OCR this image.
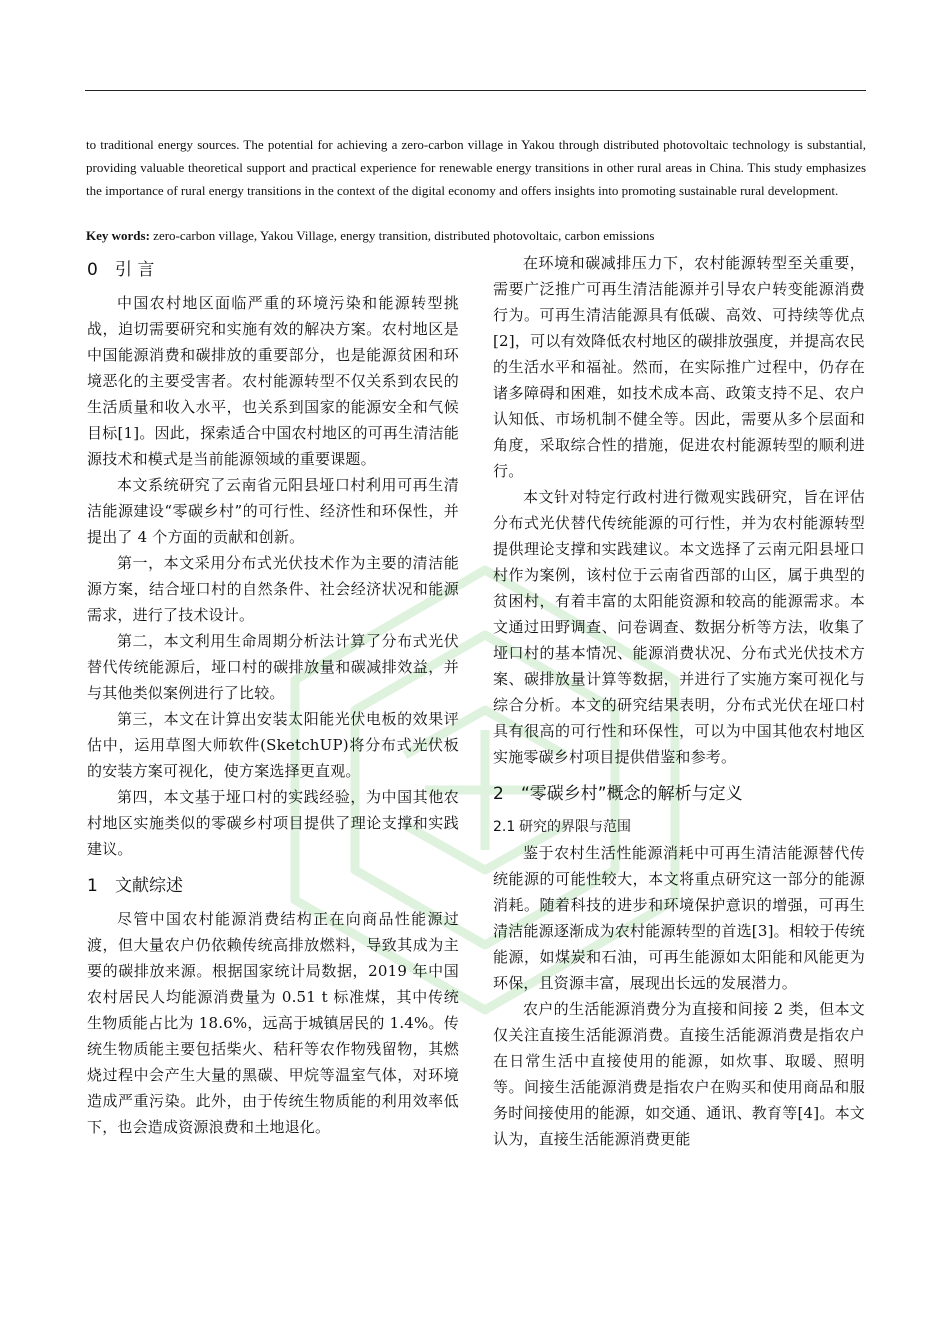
to traditional energy sources. The potential for achieving a zero-carbon village in Yakou through distributed photovoltaic technology is substantial, providing valuable theoretical support and practical experience for renewable energy transitions in other rural areas in China. This study emphasizes the importance of rural energy transitions in the context of the digital economy and offers insights into promoting sustainable rural development.

Key words: zero-carbon village, Yakou Village, energy transition, distributed photovoltaic, carbon emissions

0 引 言

中国农村地区面临严重的环境污染和能源转型挑战，迫切需要研究和实施有效的解决方案。农村地区是中国能源消费和碳排放的重要部分，也是能源贫困和环境恶化的主要受害者。农村能源转型不仅关系到农民的生活质量和收入水平，也关系到国家的能源安全和气候目标[1]。因此，探索适合中国农村地区的可再生清洁能源技术和模式是当前能源领域的重要课题。

本文系统研究了云南省元阳县垭口村利用可再生清洁能源建设“零碳乡村”的可行性、经济性和环保性，并提出了 4 个方面的贡献和创新。

第一，本文采用分布式光伏技术作为主要的清洁能源方案，结合垭口村的自然条件、社会经济状况和能源需求，进行了技术设计。

第二，本文利用生命周期分析法计算了分布式光伏替代传统能源后，垭口村的碳排放量和碳减排效益，并与其他类似案例进行了比较。

第三，本文在计算出安装太阳能光伏电板的效果评估中，运用草图大师软件(SketchUP)将分布式光伏板的安装方案可视化，使方案选择更直观。

第四，本文基于垭口村的实践经验，为中国其他农村地区实施类似的零碳乡村项目提供了理论支撑和实践建议。

1 文献综述

尽管中国农村能源消费结构正在向商品性能源过渡，但大量农户仍依赖传统高排放燃料，导致其成为主要的碳排放来源。根据国家统计局数据，2019 年中国农村居民人均能源消费量为 0.51 t 标准煤，其中传统生物质能占比为 18.6%，远高于城镇居民的 1.4%。传统生物质能主要包括柴火、秸秆等农作物残留物，其燃烧过程中会产生大量的黑碳、甲烷等温室气体，对环境造成严重污染。此外，由于传统生物质能的利用效率低下，也会造成资源浪费和土地退化。

在环境和碳减排压力下，农村能源转型至关重要，需要广泛推广可再生清洁能源并引导农户转变能源消费行为。可再生清洁能源具有低碳、高效、可持续等优点[2]，可以有效降低农村地区的碳排放强度，并提高农民的生活水平和福祉。然而，在实际推广过程中，仍存在诸多障碍和困难，如技术成本高、政策支持不足、农户认知低、市场机制不健全等。因此，需要从多个层面和角度，采取综合性的措施，促进农村能源转型的顺利进行。

本文针对特定行政村进行微观实践研究，旨在评估分布式光伏替代传统能源的可行性，并为农村能源转型提供理论支撑和实践建议。本文选择了云南元阳县垭口村作为案例，该村位于云南省西部的山区，属于典型的贫困村，有着丰富的太阳能资源和较高的能源需求。本文通过田野调查、问卷调查、数据分析等方法，收集了垭口村的基本情况、能源消费状况、分布式光伏技术方案、碳排放量计算等数据，并进行了实施方案可视化与综合分析。本文的研究结果表明，分布式光伏在垭口村具有很高的可行性和环保性，可以为中国其他农村地区实施零碳乡村项目提供借鉴和参考。

2 “零碳乡村”概念的解析与定义
2.1 研究的界限与范围

鉴于农村生活性能源消耗中可再生清洁能源替代传统能源的可能性较大，本文将重点研究这一部分的能源消耗。随着科技的进步和环境保护意识的增强，可再生清洁能源逐渐成为农村能源转型的首选[3]。相较于传统能源，如煤炭和石油，可再生能源如太阳能和风能更为环保，且资源丰富，展现出长远的发展潜力。

农户的生活能源消费分为直接和间接 2 类，但本文仅关注直接生活能源消费。直接生活能源消费是指农户在日常生活中直接使用的能源，如炊事、取暖、照明等。间接生活能源消费是指农户在购买和使用商品和服务时间接使用的能源，如交通、通讯、教育等[4]。本文认为，直接生活能源消费更能
